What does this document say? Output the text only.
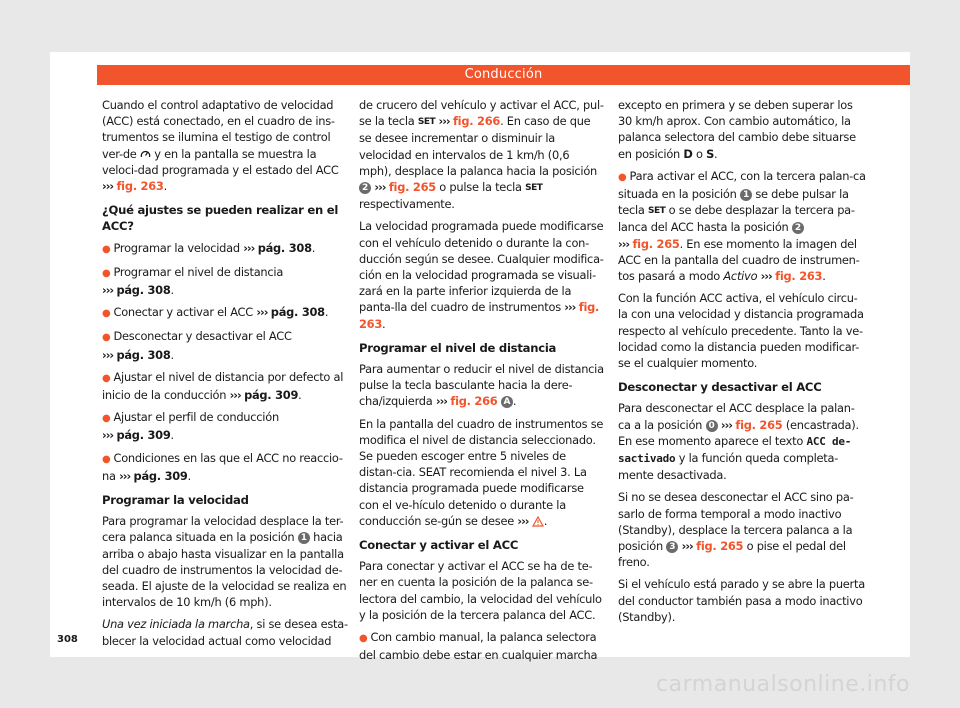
Conducción

Cuando el control adaptativo de velocidad (ACC) está conectado, en el cuadro de ins-trumentos se ilumina el testigo de control ver-de  y en la pantalla se muestra la veloci-dad programada y el estado del ACC
››› fig. 263.

¿Qué ajustes se pueden realizar en el ACC?

● Programar la velocidad ››› pág. 308.

● Programar el nivel de distancia
››› pág. 308.

● Conectar y activar el ACC ››› pág. 308.

● Desconectar y desactivar el ACC
››› pág. 308.

● Ajustar el nivel de distancia por defecto al inicio de la conducción ››› pág. 309.

● Ajustar el perfil de conducción
››› pág. 309.

● Condiciones en las que el ACC no reaccio-na ››› pág. 309.

Programar la velocidad

Para programar la velocidad desplace la ter-cera palanca situada en la posición 1 hacia arriba o abajo hasta visualizar en la pantalla del cuadro de instrumentos la velocidad de-seada. El ajuste de la velocidad se realiza en intervalos de 10 km/h (6 mph).

Una vez iniciada la marcha, si se desea esta-blecer la velocidad actual como velocidad

de crucero del vehículo y activar el ACC, pul-se la tecla SET ››› fig. 266. En caso de que se desee incrementar o disminuir la velocidad en intervalos de 1 km/h (0,6 mph), desplace la palanca hacia la posición 2 ››› fig. 265 o pulse la tecla SET respectivamente.

La velocidad programada puede modificarse con el vehículo detenido o durante la con-ducción según se desee. Cualquier modifica-ción en la velocidad programada se visuali-zará en la parte inferior izquierda de la panta-lla del cuadro de instrumentos ››› fig. 263.

Programar el nivel de distancia

Para aumentar o reducir el nivel de distancia pulse la tecla basculante hacia la dere-cha/izquierda ››› fig. 266 A .

En la pantalla del cuadro de instrumentos se modifica el nivel de distancia seleccionado. Se pueden escoger entre 5 niveles de distan-cia. SEAT recomienda el nivel 3. La distancia programada puede modificarse con el ve-hículo detenido o durante la conducción se-gún se desee ››› .

Conectar y activar el ACC

Para conectar y activar el ACC se ha de te-ner en cuenta la posición de la palanca se-lectora del cambio, la velocidad del vehículo y la posición de la tercera palanca del ACC.

● Con cambio manual, la palanca selectora del cambio debe estar en cualquier marcha

excepto en primera y se deben superar los 30 km/h aprox. Con cambio automático, la palanca selectora del cambio debe situarse en posición D o S.

● Para activar el ACC, con la tercera palan-ca situada en la posición 1 se debe pulsar la tecla SET o se debe desplazar la tercera pa-lanca del ACC hasta la posición 2
››› fig. 265. En ese momento la imagen del ACC en la pantalla del cuadro de instrumen-tos pasará a modo Activo ››› fig. 263.

Con la función ACC activa, el vehículo circu-la con una velocidad y distancia programada respecto al vehículo precedente. Tanto la ve-locidad como la distancia pueden modificar-se el cualquier momento.

Desconectar y desactivar el ACC

Para desconectar el ACC desplace la palan-ca a la posición 0 ››› fig. 265 (encastrada). En ese momento aparece el texto ACC de-sactivado y la función queda completa-mente desactivada.

Si no se desea desconectar el ACC sino pa-sarlo de forma temporal a modo inactivo (Standby), desplace la tercera palanca a la posición 3 ››› fig. 265 o pise el pedal del freno.

Si el vehículo está parado y se abre la puerta del conductor también pasa a modo inactivo (Standby).

308
carmanualsonline.info
